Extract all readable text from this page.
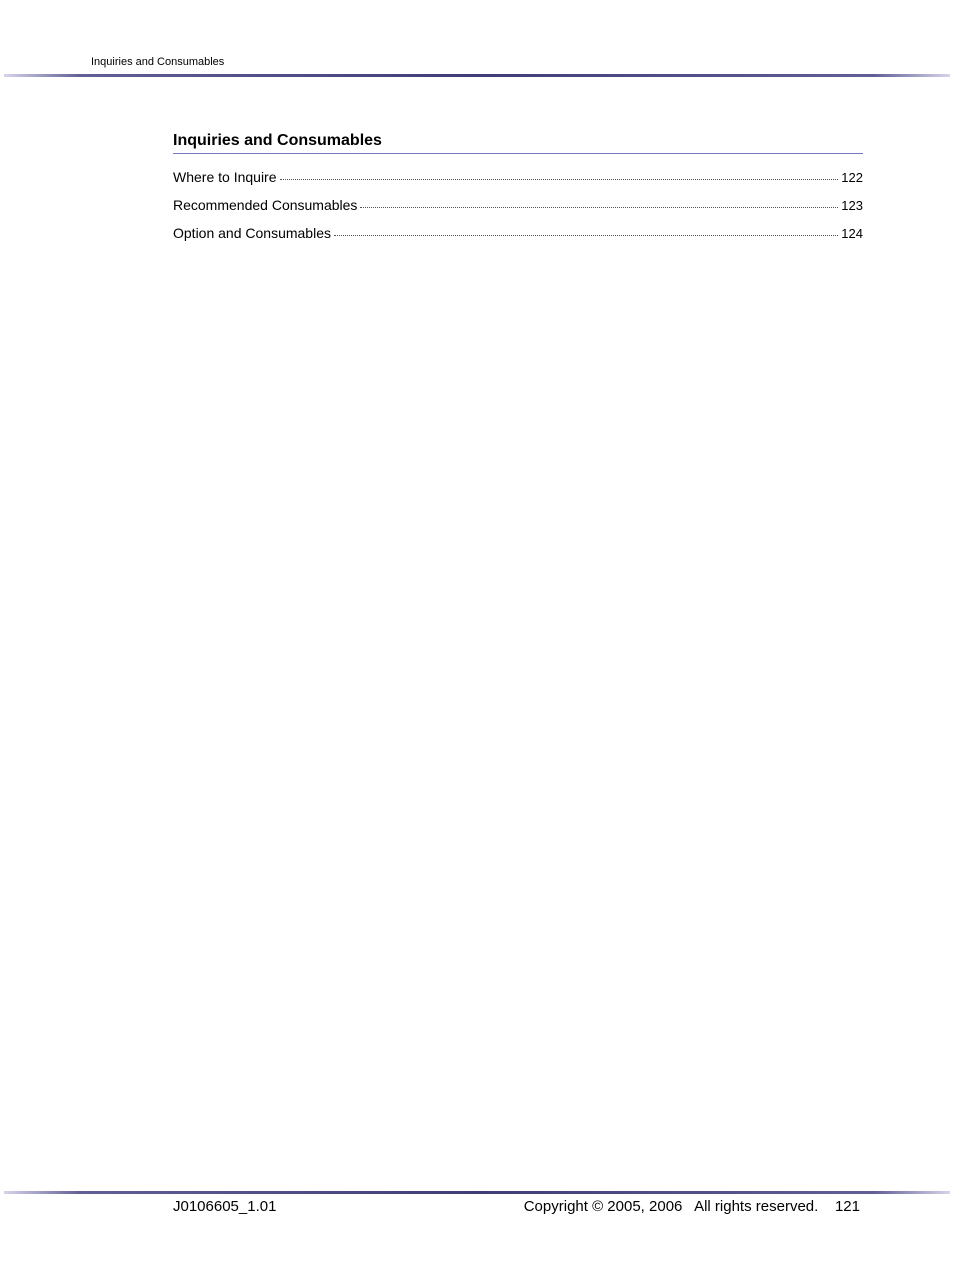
Inquiries and Consumables
Inquiries and Consumables
Where to Inquire	122
Recommended Consumables	123
Option and Consumables	124
J0106605_1.01	Copyright © 2005, 2006 All rights reserved. 121
